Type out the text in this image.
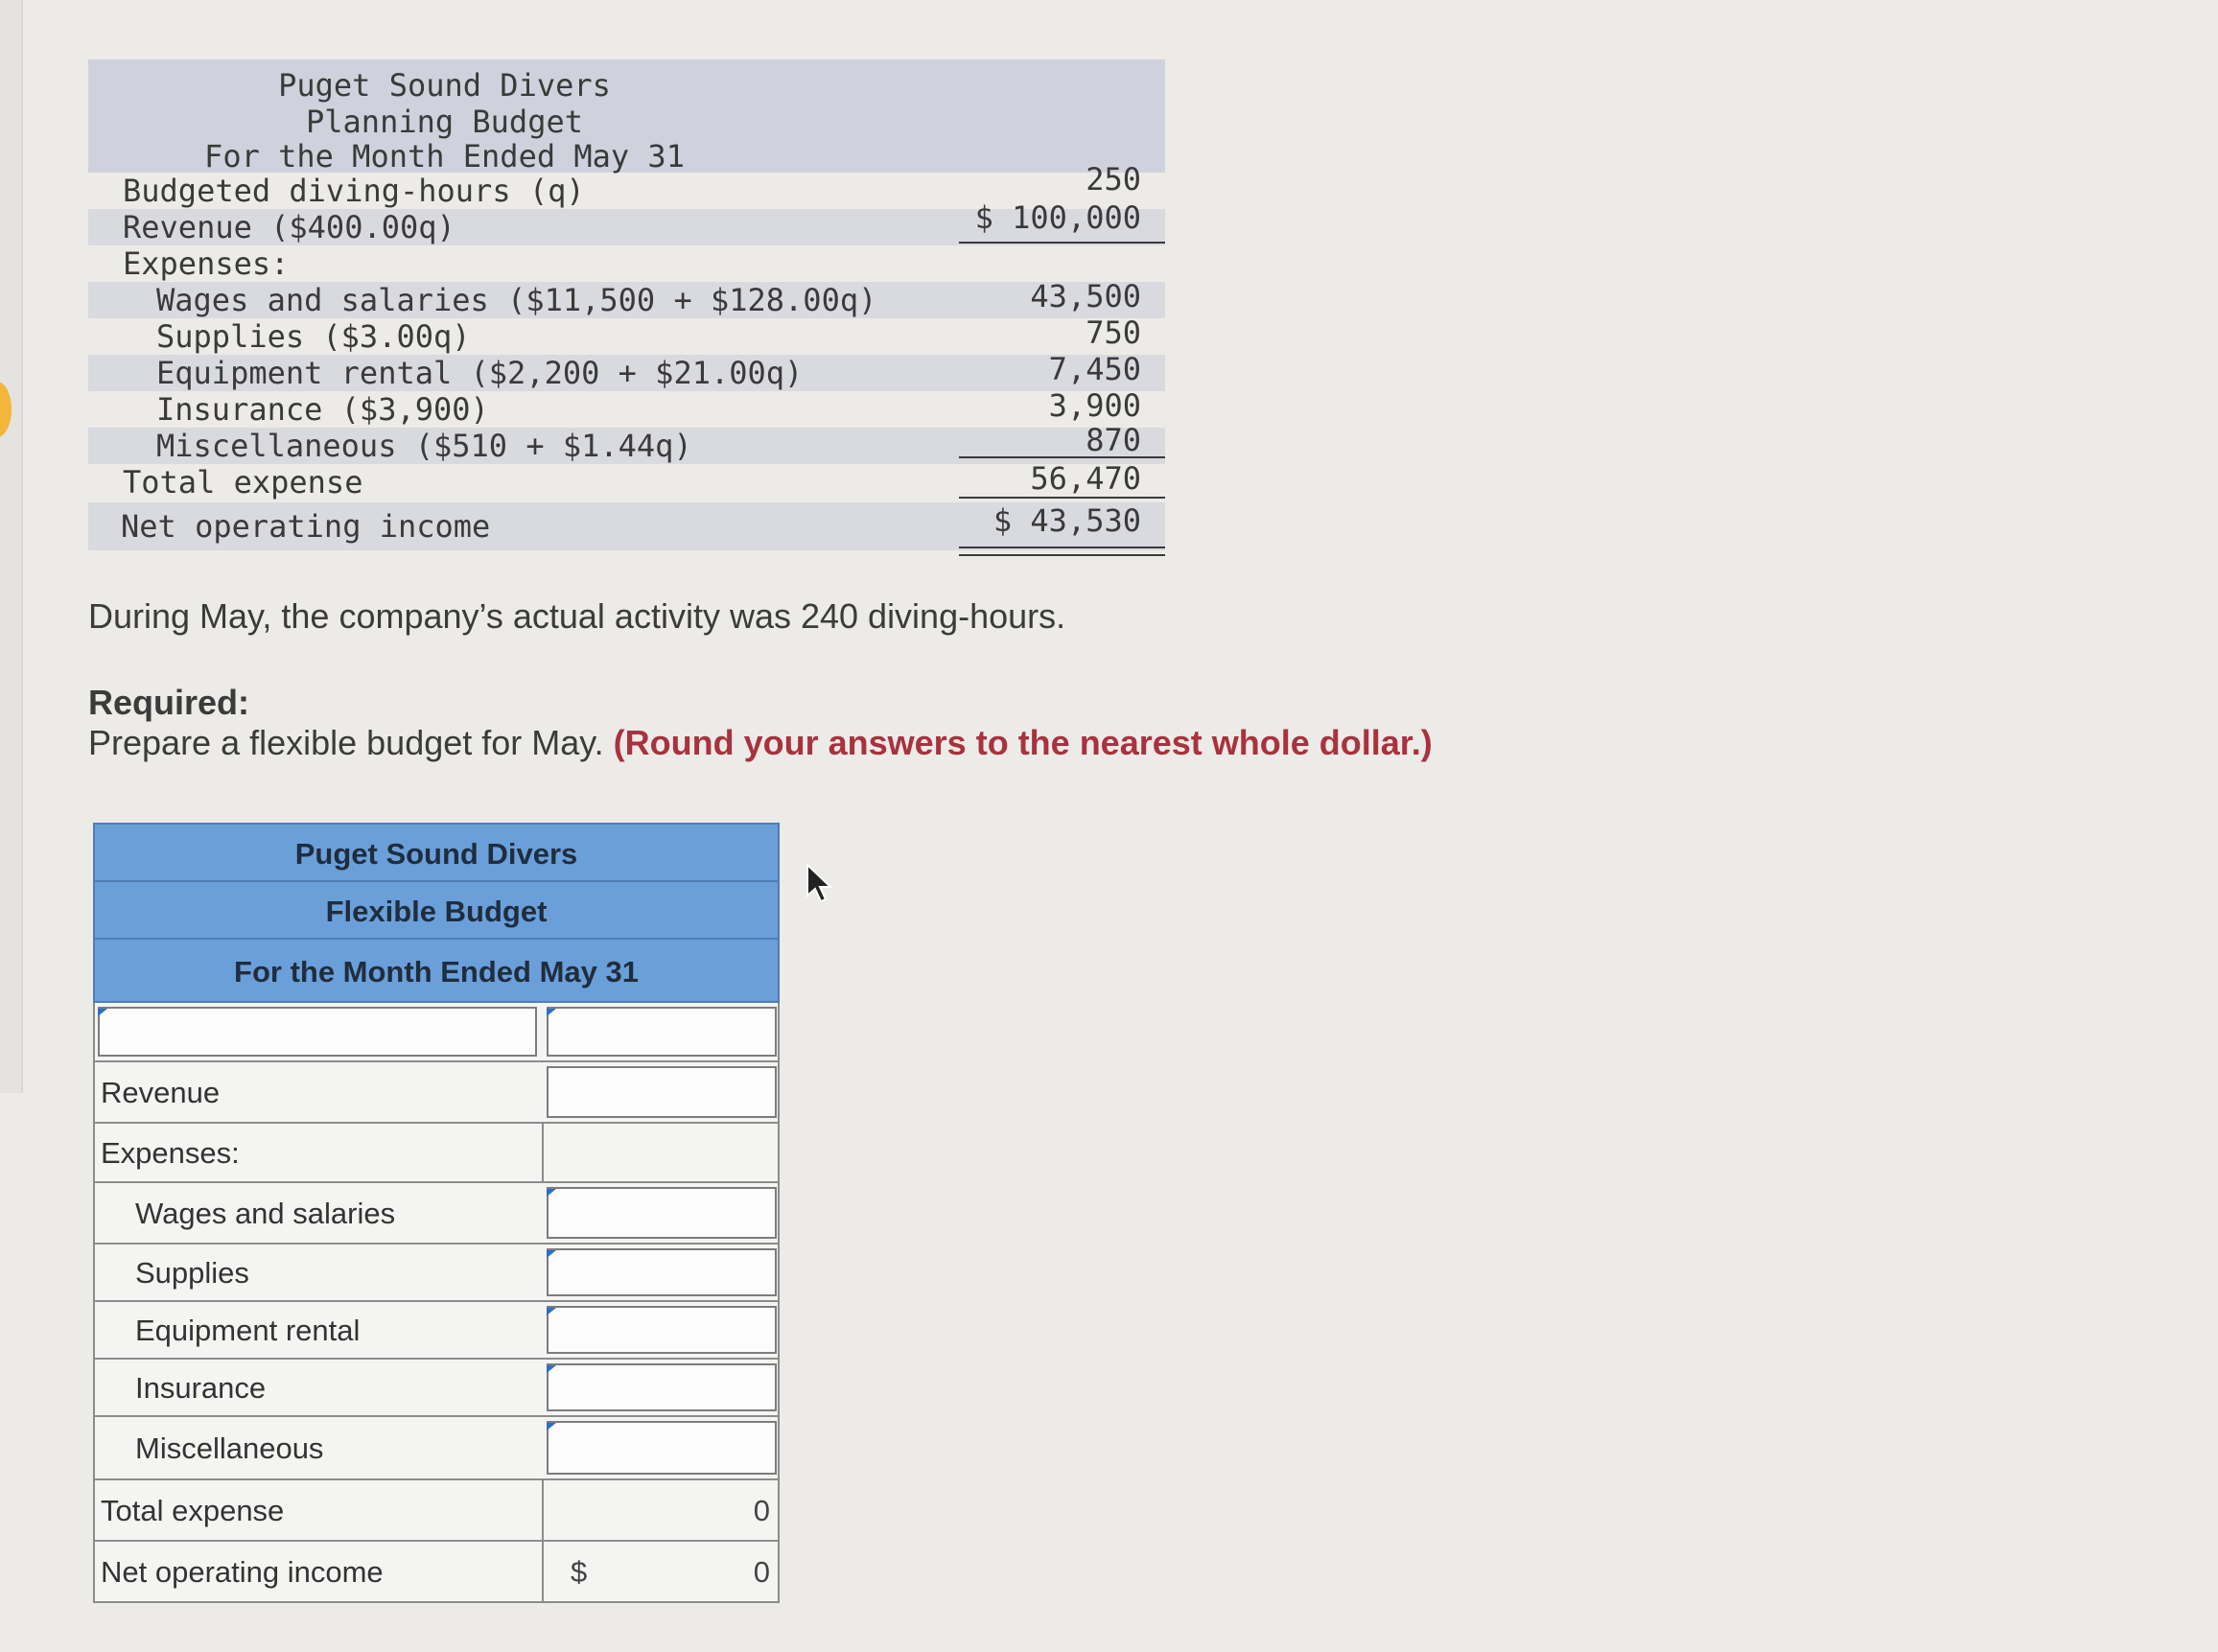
Puget Sound Divers
Planning Budget
For the Month Ended May 31
Budgeted diving-hours (q)	250
Revenue ($400.00q)	$ 100,000
Expenses:
Wages and salaries ($11,500 + $128.00q)	43,500
Supplies ($3.00q)	750
Equipment rental ($2,200 + $21.00q)	7,450
Insurance ($3,900)	3,900
Miscellaneous ($510 + $1.44q)	870
Total expense	56,470
Net operating income	$ 43,530
During May, the company’s actual activity was 240 diving-hours.
Required:
Prepare a flexible budget for May. (Round your answers to the nearest whole dollar.)
Puget Sound Divers
Flexible Budget
For the Month Ended May 31
Revenue
Expenses:
Wages and salaries
Supplies
Equipment rental
Insurance
Miscellaneous
Total expense	0
Net operating income	$	0
